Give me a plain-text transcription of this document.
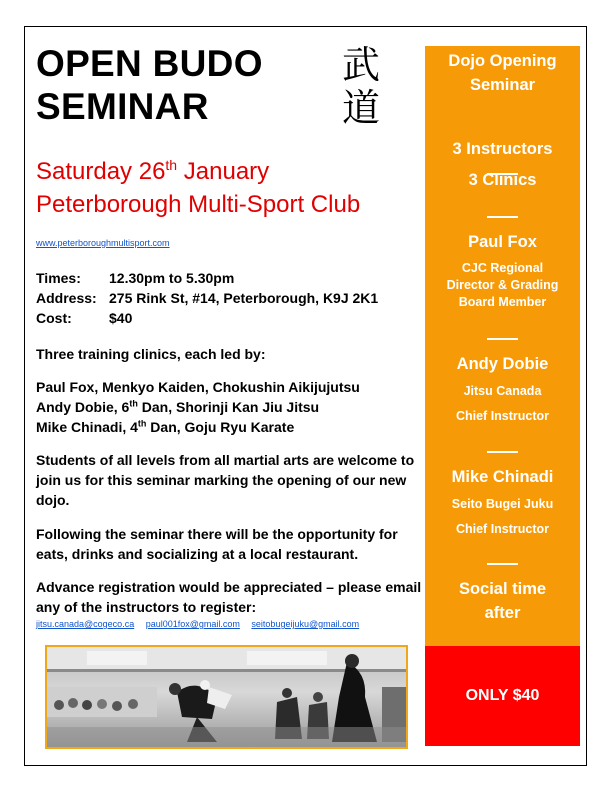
OPEN BUDO
SEMINAR
武
道
Saturday 26th January
Peterborough Multi-Sport Club
www.peterboroughmultisport.com
Times:	12.30pm to 5.30pm
Address: 275 Rink St, #14, Peterborough, K9J 2K1
Cost:	$40

Three training clinics, each led by:

Paul Fox, Menkyo Kaiden, Chokushin Aikijujutsu
Andy Dobie, 6th Dan, Shorinji Kan Jiu Jitsu
Mike Chinadi, 4th Dan, Goju Ryu Karate

Students of all levels from all martial arts are welcome to join us for this seminar marking the opening of our new dojo.

Following the seminar there will be the opportunity for eats, drinks and socializing at a local restaurant.

Advance registration would be appreciated – please email any of the instructors to register:

jitsu.canada@cogeco.ca paul001fox@gmail.com seitobugeijuku@gmail.com
Dojo Opening Seminar
3 Instructors
3 Clinics
Paul Fox
CJC Regional Director & Grading Board Member
Andy Dobie
Jitsu Canada
Chief Instructor
Mike Chinadi
Seito Bugei Juku
Chief Instructor
Social time after
ONLY $40
